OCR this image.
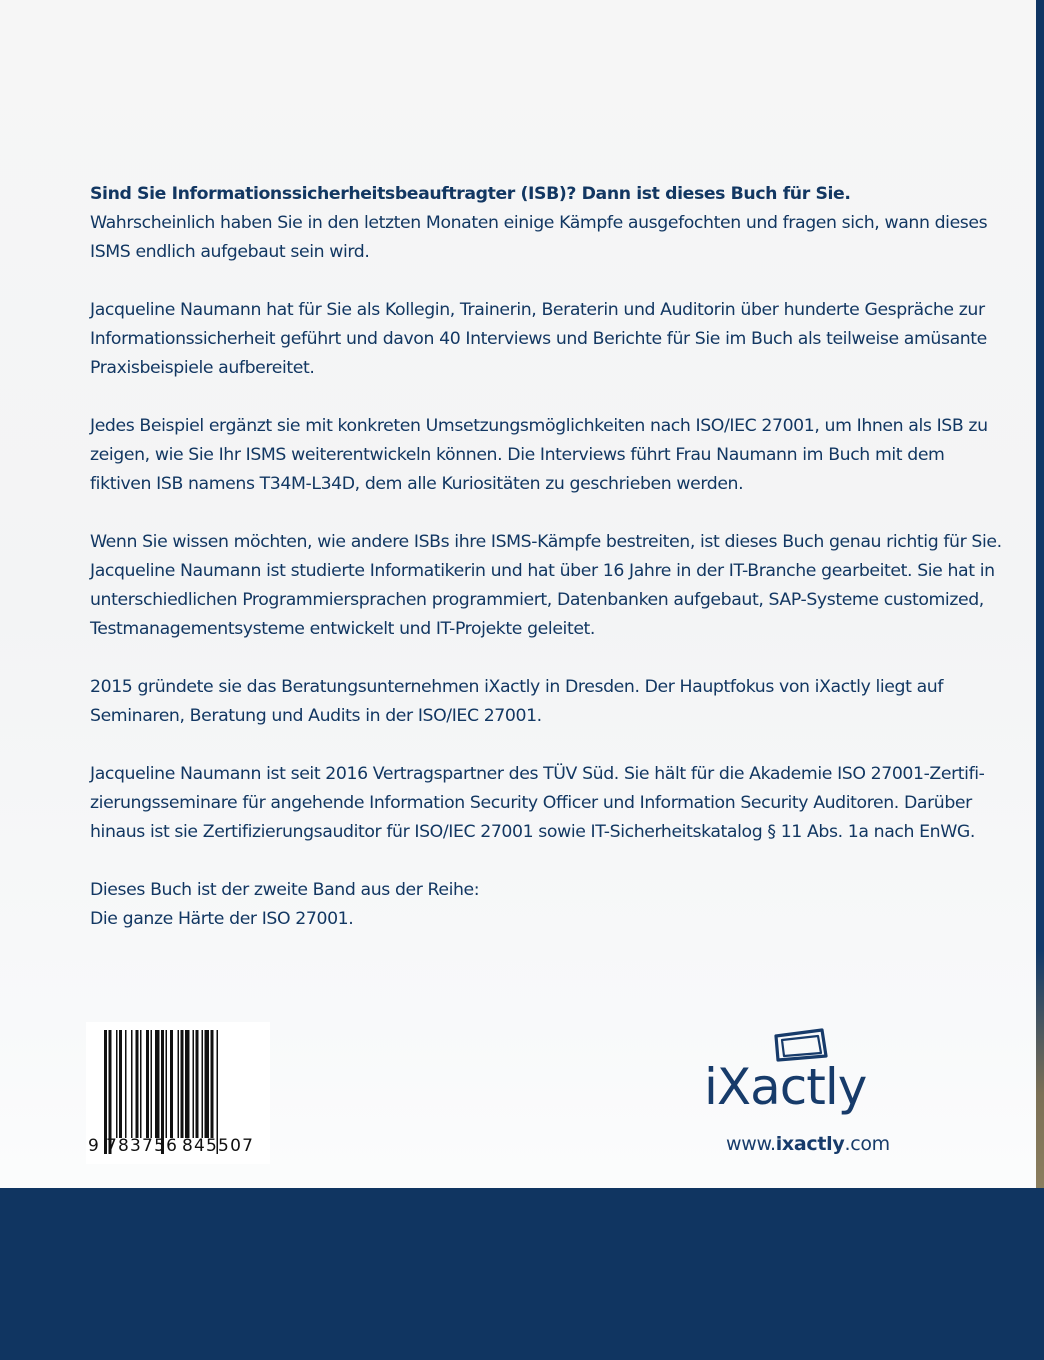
Sind Sie Informationssicherheitsbeauftragter (ISB)? Dann ist dieses Buch für Sie.
Wahrscheinlich haben Sie in den letzten Monaten einige Kämpfe ausgefochten und fragen sich, wann dieses
ISMS endlich aufgebaut sein wird.

Jacqueline Naumann hat für Sie als Kollegin, Trainerin, Beraterin und Auditorin über hunderte Gespräche zur
Informationssicherheit geführt und davon 40 Interviews und Berichte für Sie im Buch als teilweise amüsante
Praxisbeispiele aufbereitet.

Jedes Beispiel ergänzt sie mit konkreten Umsetzungsmöglichkeiten nach ISO/IEC 27001, um Ihnen als ISB zu
zeigen, wie Sie Ihr ISMS weiterentwickeln können. Die Interviews führt Frau Naumann im Buch mit dem
fiktiven ISB namens T34M-L34D, dem alle Kuriositäten zu geschrieben werden.

Wenn Sie wissen möchten, wie andere ISBs ihre ISMS-Kämpfe bestreiten, ist dieses Buch genau richtig für Sie.
Jacqueline Naumann ist studierte Informatikerin und hat über 16 Jahre in der IT-Branche gearbeitet. Sie hat in
unterschiedlichen Programmiersprachen programmiert, Datenbanken aufgebaut, SAP-Systeme customized,
Testmanagementsysteme entwickelt und IT-Projekte geleitet.

2015 gründete sie das Beratungsunternehmen iXactly in Dresden. Der Hauptfokus von iXactly liegt auf
Seminaren, Beratung und Audits in der ISO/IEC 27001.

Jacqueline Naumann ist seit 2016 Vertragspartner des TÜV Süd. Sie hält für die Akademie ISO 27001-Zertifi-
zierungsseminare für angehende Information Security Officer und Information Security Auditoren. Darüber
hinaus ist sie Zertifizierungsauditor für ISO/IEC 27001 sowie IT-Sicherheitskatalog § 11 Abs. 1a nach EnWG.

Dieses Buch ist der zweite Band aus der Reihe:
Die ganze Härte der ISO 27001.

9 783756 845507
iXactly
www.ixactly.com
